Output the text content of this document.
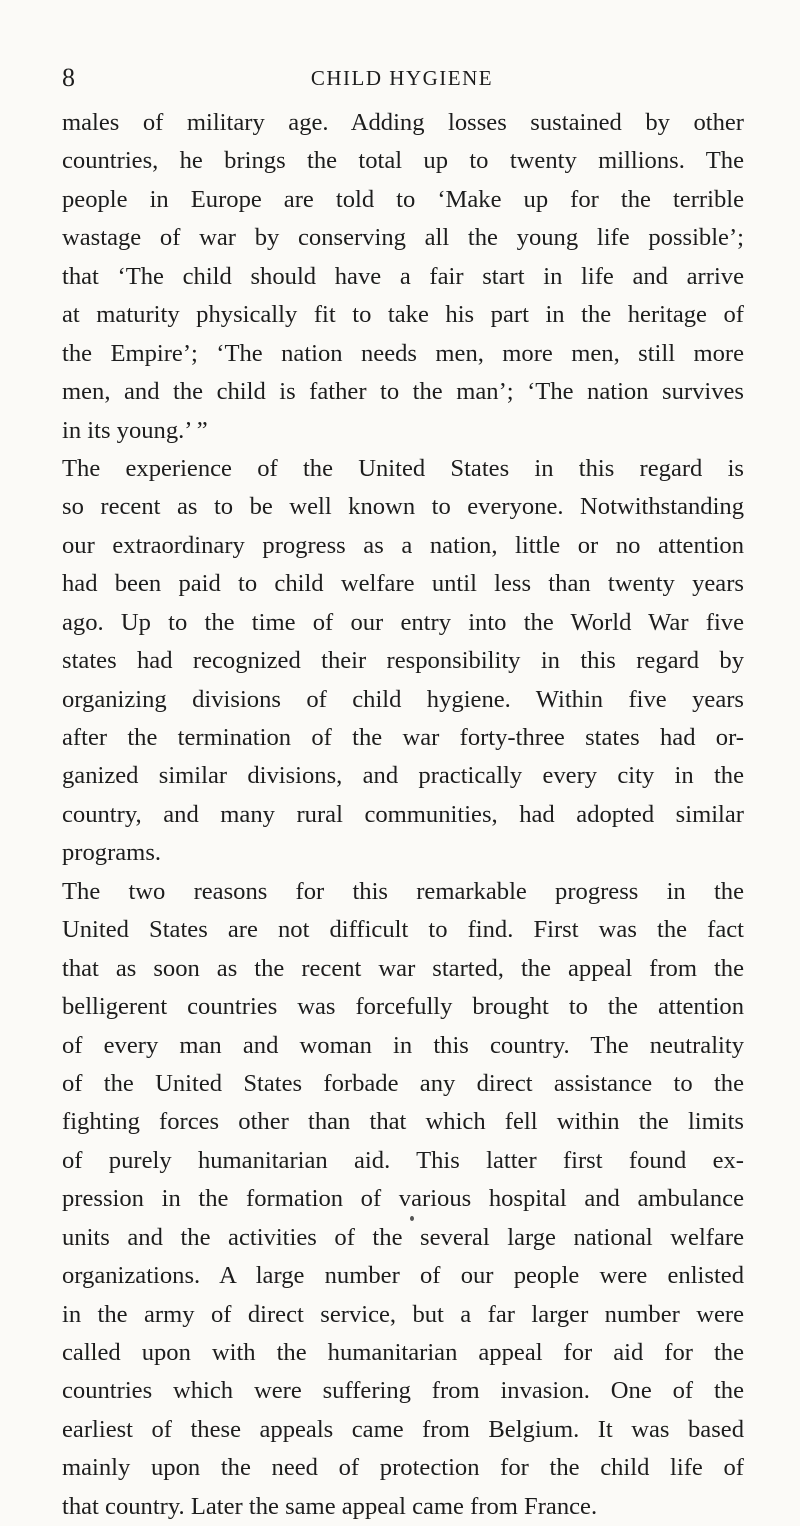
8	CHILD HYGIENE
males of military age. Adding losses sustained by other
countries, he brings the total up to twenty millions. The
people in Europe are told to ‘Make up for the terrible
wastage of war by conserving all the young life possible’;
that ‘The child should have a fair start in life and arrive
at maturity physically fit to take his part in the heritage of
the Empire’; ‘The nation needs men, more men, still more
men, and the child is father to the man’; ‘The nation survives
in its young.’ ”
The experience of the United States in this regard is
so recent as to be well known to everyone. Notwithstanding
our extraordinary progress as a nation, little or no attention
had been paid to child welfare until less than twenty years
ago. Up to the time of our entry into the World War five
states had recognized their responsibility in this regard by
organizing divisions of child hygiene. Within five years
after the termination of the war forty-three states had or-
ganized similar divisions, and practically every city in the
country, and many rural communities, had adopted similar
programs.
The two reasons for this remarkable progress in the
United States are not difficult to find. First was the fact
that as soon as the recent war started, the appeal from the
belligerent countries was forcefully brought to the attention
of every man and woman in this country. The neutrality
of the United States forbade any direct assistance to the
fighting forces other than that which fell within the limits
of purely humanitarian aid. This latter first found ex-
pression in the formation of various hospital and ambulance
units and the activities of the several large national welfare
organizations. A large number of our people were enlisted
in the army of direct service, but a far larger number were
called upon with the humanitarian appeal for aid for the
countries which were suffering from invasion. One of the
earliest of these appeals came from Belgium. It was based
mainly upon the need of protection for the child life of
that country. Later the same appeal came from France.
